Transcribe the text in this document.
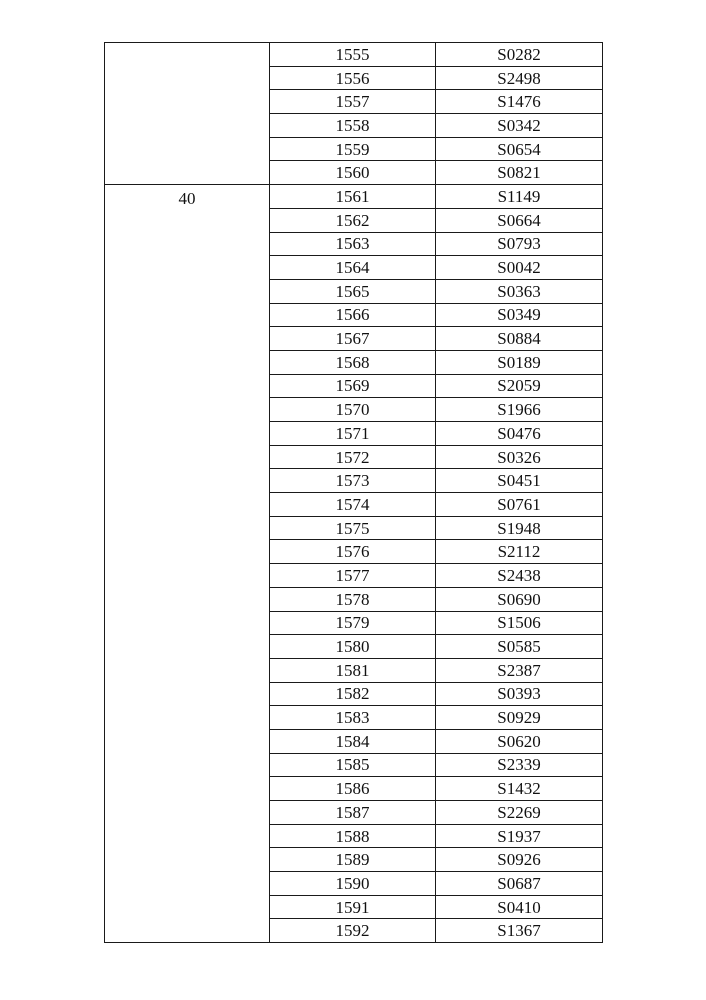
	1555	S0282
	1556	S2498
	1557	S1476
	1558	S0342
	1559	S0654
	1560	S0821
40	1561	S1149
	1562	S0664
	1563	S0793
	1564	S0042
	1565	S0363
	1566	S0349
	1567	S0884
	1568	S0189
	1569	S2059
	1570	S1966
	1571	S0476
	1572	S0326
	1573	S0451
	1574	S0761
	1575	S1948
	1576	S2112
	1577	S2438
	1578	S0690
	1579	S1506
	1580	S0585
	1581	S2387
	1582	S0393
	1583	S0929
	1584	S0620
	1585	S2339
	1586	S1432
	1587	S2269
	1588	S1937
	1589	S0926
	1590	S0687
	1591	S0410
	1592	S1367
